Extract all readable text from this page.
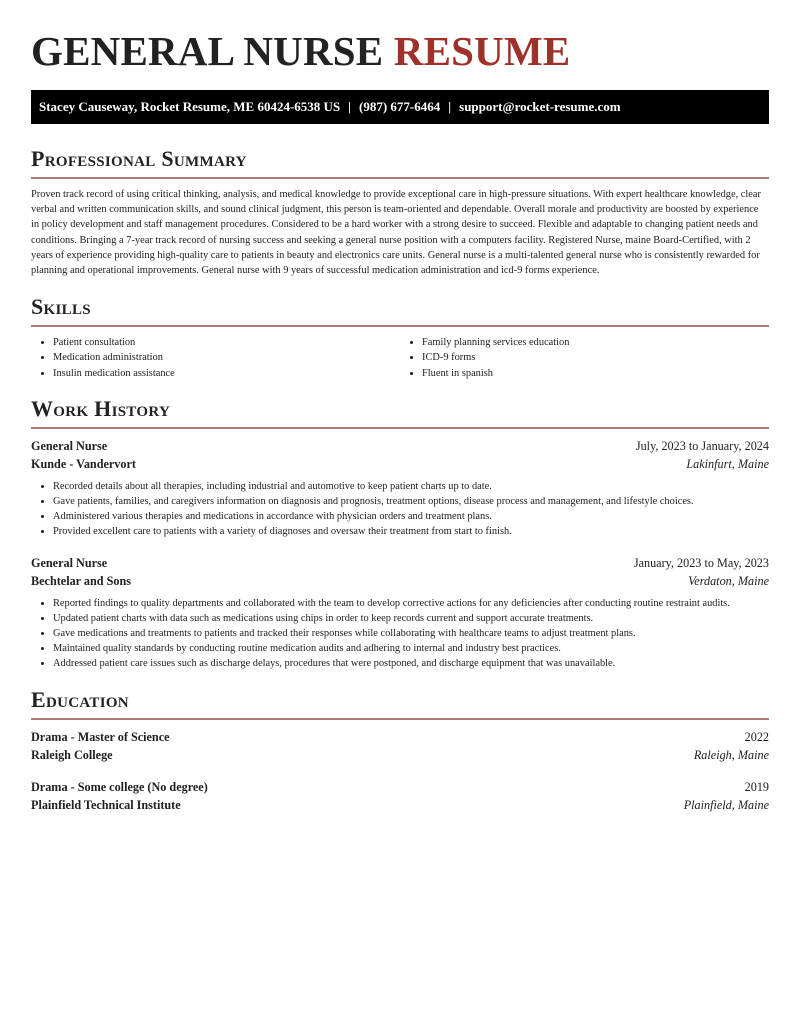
GENERAL NURSE RESUME
Stacey Causeway, Rocket Resume, ME 60424-6538 US | (987) 677-6464 | support@rocket-resume.com
Professional Summary

Proven track record of using critical thinking, analysis, and medical knowledge to provide exceptional care in high-pressure situations. With expert healthcare knowledge, clear verbal and written communication skills, and sound clinical judgment, this person is team-oriented and dependable. Overall morale and productivity are boosted by experience in policy development and staff management procedures. Considered to be a hard worker with a strong desire to succeed. Flexible and adaptable to changing patient needs and conditions. Bringing a 7-year track record of nursing success and seeking a general nurse position with a computers facility. Registered Nurse, maine Board-Certified, with 2 years of experience providing high-quality care to patients in beauty and electronics care units. General nurse is a multi-talented general nurse who is consistently rewarded for planning and operational improvements. General nurse with 9 years of successful medication administration and icd-9 forms experience.

Skills
• Patient consultation
• Medication administration
• Insulin medication assistance
• Family planning services education
• ICD-9 forms
• Fluent in spanish
Work History
General Nurse	July, 2023 to January, 2024
Kunde - Vandervort	Lakinfurt, Maine
• Recorded details about all therapies, including industrial and automotive to keep patient charts up to date.
• Gave patients, families, and caregivers information on diagnosis and prognosis, treatment options, disease process and management, and lifestyle choices.
• Administered various therapies and medications in accordance with physician orders and treatment plans.
• Provided excellent care to patients with a variety of diagnoses and oversaw their treatment from start to finish.
General Nurse	January, 2023 to May, 2023
Bechtelar and Sons	Verdaton, Maine
• Reported findings to quality departments and collaborated with the team to develop corrective actions for any deficiencies after conducting routine restraint audits.
• Updated patient charts with data such as medications using chips in order to keep records current and support accurate treatments.
• Gave medications and treatments to patients and tracked their responses while collaborating with healthcare teams to adjust treatment plans.
• Maintained quality standards by conducting routine medication audits and adhering to internal and industry best practices.
• Addressed patient care issues such as discharge delays, procedures that were postponed, and discharge equipment that was unavailable.
Education
Drama - Master of Science	2022
Raleigh College	Raleigh, Maine
Drama - Some college (No degree)	2019
Plainfield Technical Institute	Plainfield, Maine
